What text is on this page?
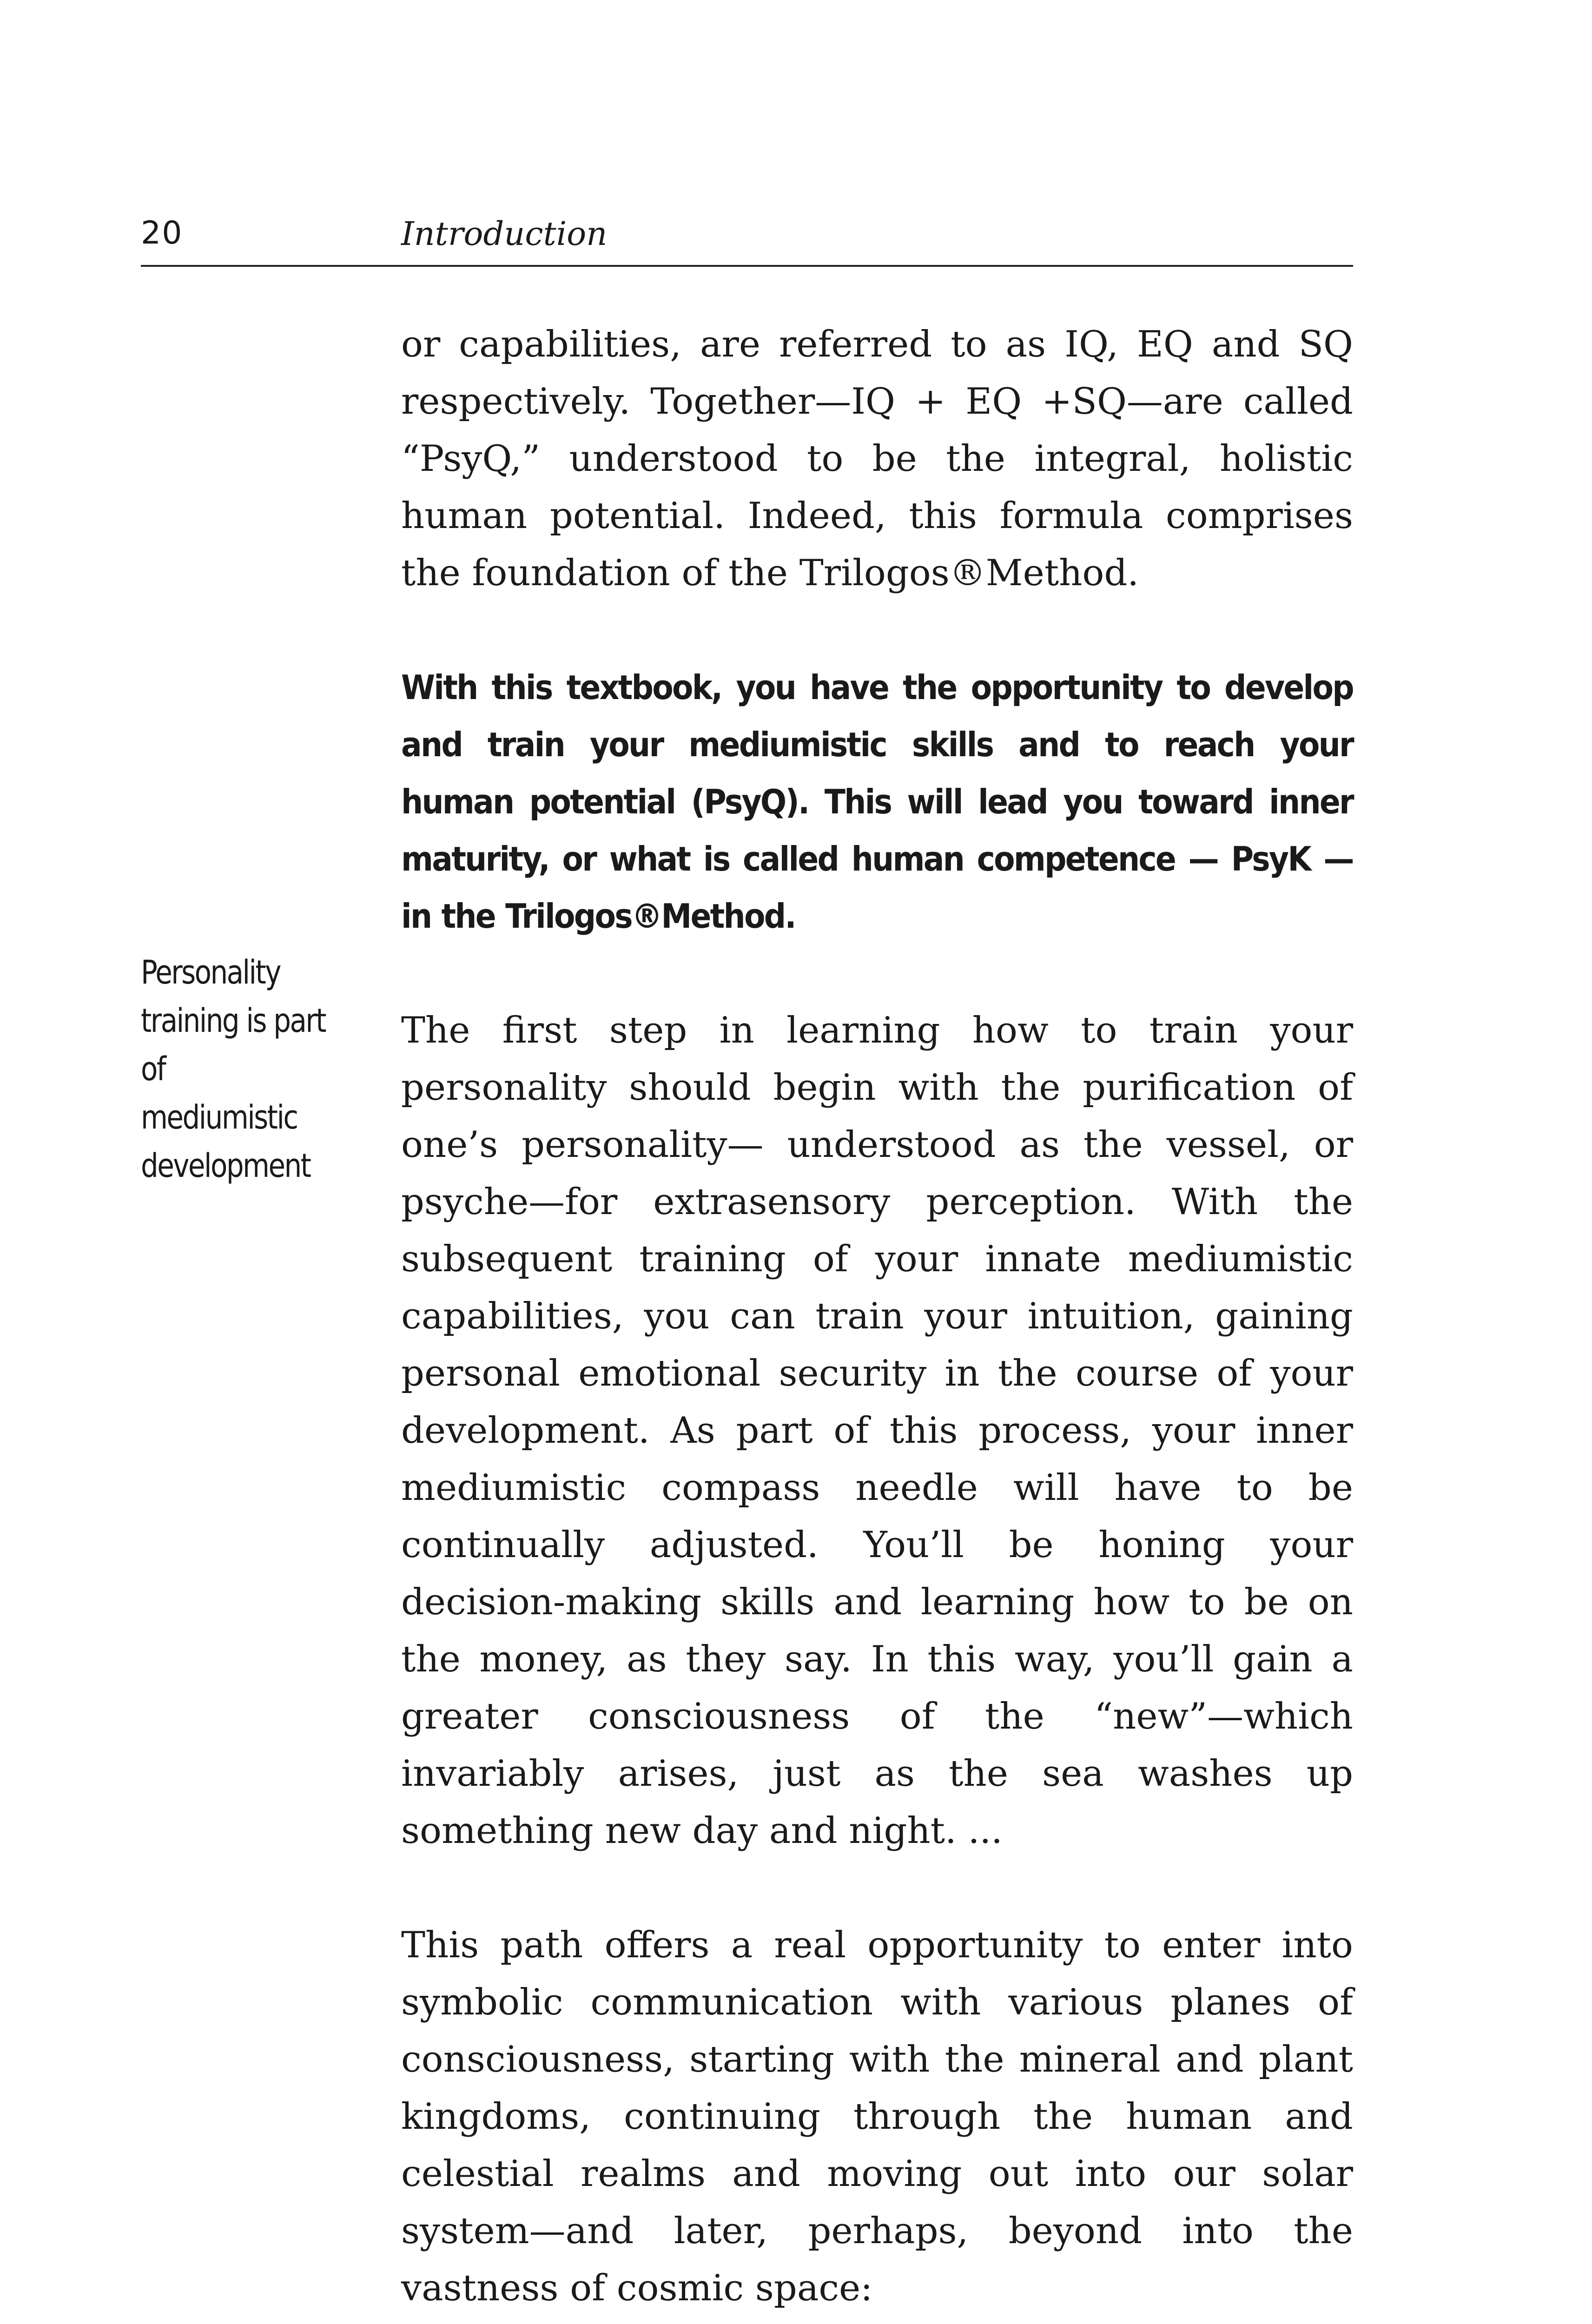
20	Introduction
Personality training is part of mediumistic development

or capabilities, are referred to as IQ, EQ and SQ respectively. Together—IQ + EQ +SQ—are called “PsyQ,” understood to be the integral, holistic human potential. Indeed, this formula comprises the foundation of the Trilogos®Method.

With this textbook, you have the opportunity to develop and train your mediumistic skills and to reach your human potential (PsyQ). This will lead you toward inner maturity, or what is called human competence — PsyK — in the Trilogos®Method.

The first step in learning how to train your personality should begin with the purification of one’s personality— understood as the vessel, or psyche—for extrasensory perception. With the subsequent training of your innate mediumistic capabilities, you can train your intuition, gaining personal emotional security in the course of your development. As part of this process, your inner mediumistic compass needle will have to be continually adjusted. You’ll be honing your decision-making skills and learning how to be on the money, as they say. In this way, you’ll gain a greater consciousness of the “new”—which invariably arises, just as the sea washes up something new day and night. ...

This path offers a real opportunity to enter into symbolic communication with various planes of consciousness, starting with the mineral and plant kingdoms, continuing through the human and celestial realms and moving out into our solar system—and later, perhaps, beyond into the vastness of cosmic space:
